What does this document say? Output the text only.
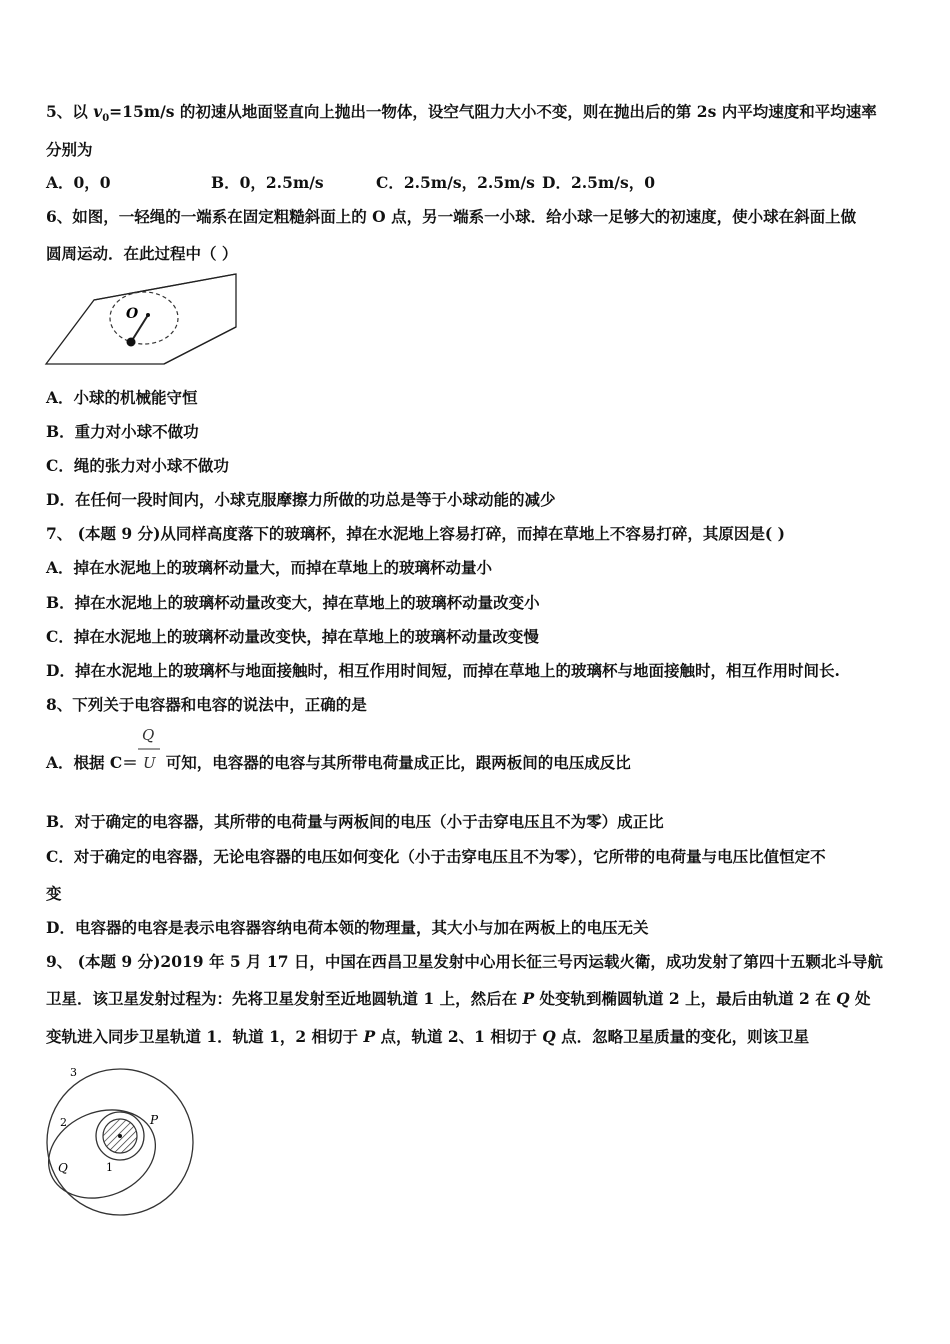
5、以 $v_0=15m/s$ 的初速从地面竖直向上抛出一物体，设空气阻力大小不变，则在抛出后的第 2s 内平均速度和平均速率
分别为
A．0，0	B．0，2.5m/s	C．2.5m/s，2.5m/s D．2.5m/s，0
6、如图，一轻绳的一端系在固定粗糙斜面上的 O 点，另一端系一小球．给小球一足够大的初速度，使小球在斜面上做
圆周运动．在此过程中（ ）
O
A．小球的机械能守恒
B．重力对小球不做功
C．绳的张力对小球不做功
D．在任何一段时间内，小球克服摩擦力所做的功总是等于小球动能的减少
7、 (本题 9 分)从同样高度落下的玻璃杯，掉在水泥地上容易打碎，而掉在草地上不容易打碎，其原因是( )
A．掉在水泥地上的玻璃杯动量大，而掉在草地上的玻璃杯动量小
B．掉在水泥地上的玻璃杯动量改变大，掉在草地上的玻璃杯动量改变小
C．掉在水泥地上的玻璃杯动量改变快，掉在草地上的玻璃杯动量改变慢
D．掉在水泥地上的玻璃杯与地面接触时，相互作用时间短，而掉在草地上的玻璃杯与地面接触时，相互作用时间长.
8、下列关于电容器和电容的说法中，正确的是
A．根据 C＝ 可知，电容器的电容与其所带电荷量成正比，跟两板间的电压成反比
Q
U
B．对于确定的电容器，其所带的电荷量与两板间的电压（小于击穿电压且不为零）成正比
C．对于确定的电容器，无论电容器的电压如何变化（小于击穿电压且不为零），它所带的电荷量与电压比值恒定不
变
D．电容器的电容是表示电容器容纳电荷本领的物理量，其大小与加在两板上的电压无关
9、 (本题 9 分)2019 年 5 月 17 日，中国在西昌卫星发射中心用长征三号丙运载火衛，成功发射了第四十五颗北斗导航
卫星．该卫星发射过程为：先将卫星发射至近地圆轨道 1 上，然后在 P 处变轨到椭圆轨道 2 上，最后由轨道 2 在 Q 处
变轨进入同步卫星轨道 1．轨道 1，2 相切于 P 点，轨道 2、1 相切于 Q 点．忽略卫星质量的变化，则该卫星
3
2
1
P
Q
